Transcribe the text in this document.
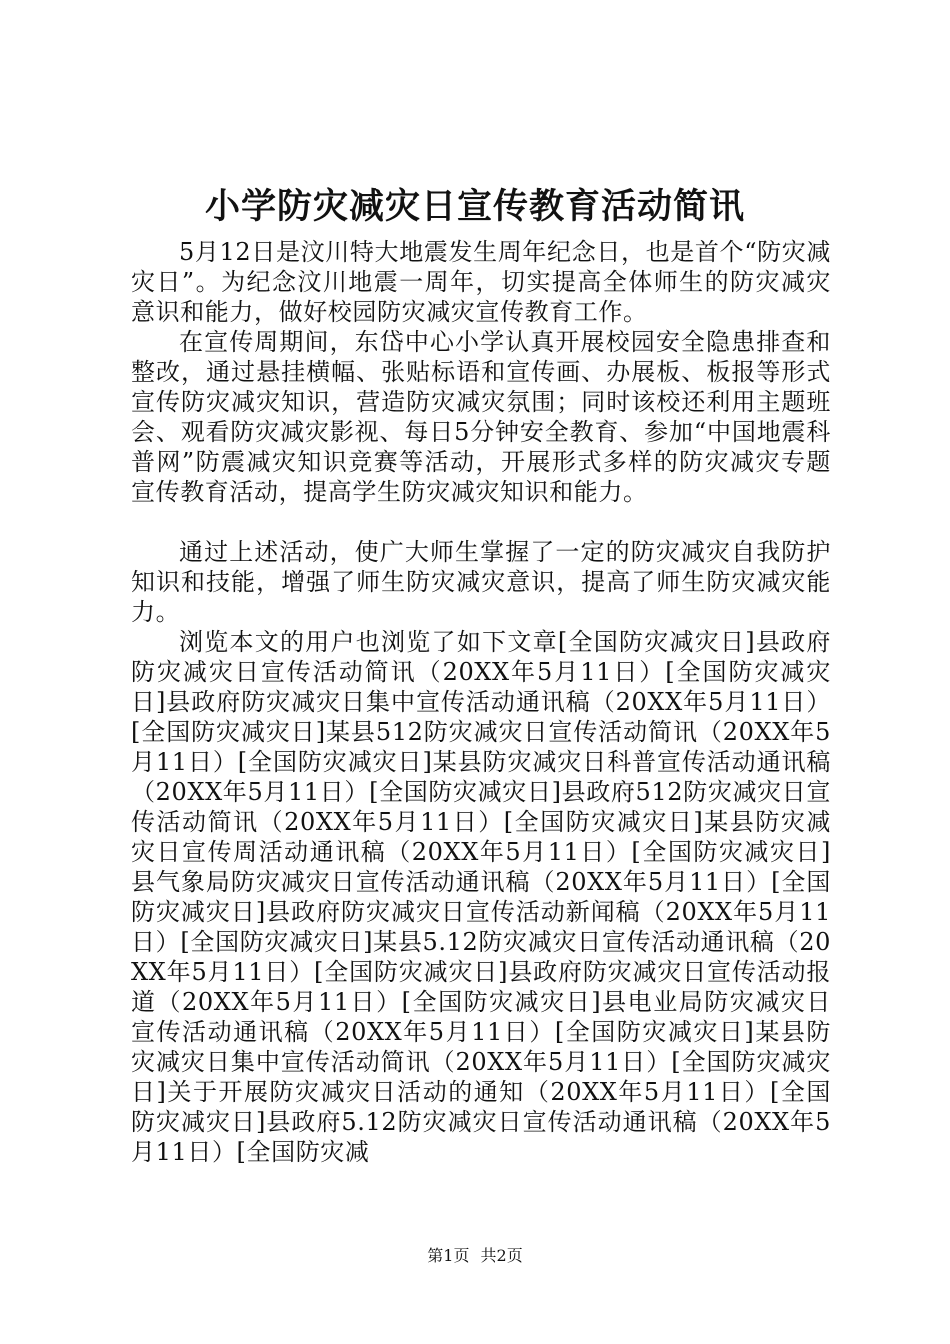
小学防灾减灾日宣传教育活动简讯

5月12日是汶川特大地震发生周年纪念日，也是首个“防灾减灾日”。为纪念汶川地震一周年，切实提高全体师生的防灾减灾意识和能力，做好校园防灾减灾宣传教育工作。

在宣传周期间，东岱中心小学认真开展校园安全隐患排查和整改，通过悬挂横幅、张贴标语和宣传画、办展板、板报等形式宣传防灾减灾知识，营造防灾减灾氛围；同时该校还利用主题班会、观看防灾减灾影视、每日5分钟安全教育、参加“中国地震科普网”防震减灾知识竞赛等活动，开展形式多样的防灾减灾专题宣传教育活动，提高学生防灾减灾知识和能力。

通过上述活动，使广大师生掌握了一定的防灾减灾自我防护知识和技能，增强了师生防灾减灾意识，提高了师生防灾减灾能力。

浏览本文的用户也浏览了如下文章[全国防灾减灾日]县政府防灾减灾日宣传活动简讯（20XX年5月11日）[全国防灾减灾日]县政府防灾减灾日集中宣传活动通讯稿（20XX年5月11日）[全国防灾减灾日]某县512防灾减灾日宣传活动简讯（20XX年5月11日）[全国防灾减灾日]某县防灾减灾日科普宣传活动通讯稿（20XX年5月11日）[全国防灾减灾日]县政府512防灾减灾日宣传活动简讯（20XX年5月11日）[全国防灾减灾日]某县防灾减灾日宣传周活动通讯稿（20XX年5月11日）[全国防灾减灾日]县气象局防灾减灾日宣传活动通讯稿（20XX年5月11日）[全国防灾减灾日]县政府防灾减灾日宣传活动新闻稿（20XX年5月11日）[全国防灾减灾日]某县5.12防灾减灾日宣传活动通讯稿（20XX年5月11日）[全国防灾减灾日]县政府防灾减灾日宣传活动报道（20XX年5月11日）[全国防灾减灾日]县电业局防灾减灾日宣传活动通讯稿（20XX年5月11日）[全国防灾减灾日]某县防灾减灾日集中宣传活动简讯（20XX年5月11日）[全国防灾减灾日]关于开展防灾减灾日活动的通知（20XX年5月11日）[全国防灾减灾日]县政府5.12防灾减灾日宣传活动通讯稿（20XX年5月11日）[全国防灾减

第1页 共2页
